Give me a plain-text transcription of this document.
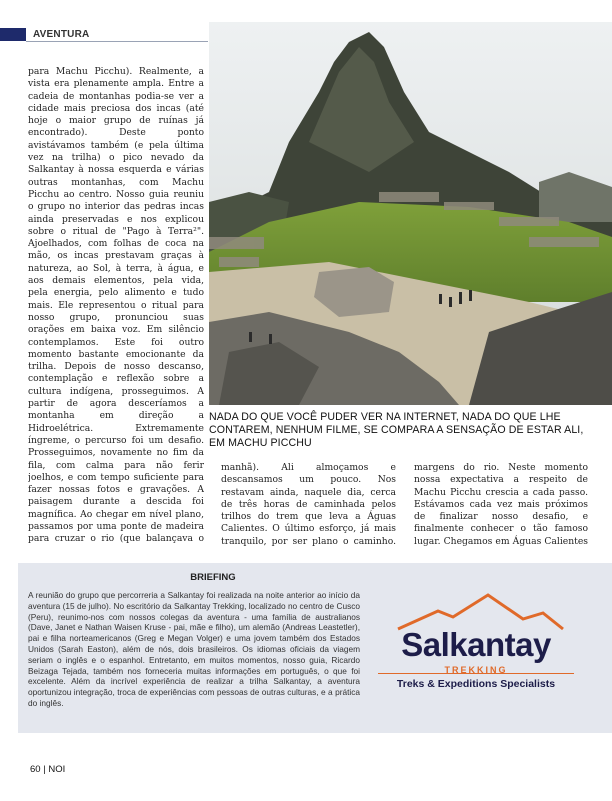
AVENTURA
para Machu Picchu). Realmente, a vista era plenamente ampla. Entre a cadeia de montanhas podia-se ver a cidade mais preciosa dos incas (até hoje o maior grupo de ruínas já encontrado). Deste ponto avistávamos também (e pela última vez na trilha) o pico nevado da Salkantay à nossa esquerda e várias outras montanhas, com Machu Picchu ao centro. Nosso guia reuniu o grupo no interior das pedras incas ainda preservadas e nos explicou sobre o ritual de "Pago à Terra²". Ajoelhados, com folhas de coca na mão, os incas prestavam graças à natureza, ao Sol, à terra, à água, e aos demais elementos, pela vida, pela energia, pelo alimento e tudo mais. Ele representou o ritual para nosso grupo, pronunciou suas orações em baixa voz. Em silêncio contemplamos. Este foi outro momento bastante emocionante da trilha. Depois de nosso descanso, contemplação e reflexão sobre a cultura indígena, prosseguimos. A partir de agora desceríamos a montanha em direção a Hidroelétrica. Extremamente íngreme, o percurso foi um desafio. Prosseguimos, novamente no fim da fila, com calma para não ferir joelhos, e com tempo suficiente para fazer nossas fotos e gravações. A paisagem durante a descida foi magnífica. Ao chegar em nível plano, passamos por uma ponte de madeira para cruzar o rio (que balançava o
NADA DO QUE VOCÊ PUDER VER NA INTERNET, NADA DO QUE LHE CONTAREM, NENHUM FILME, SE COMPARA A SENSAÇÃO DE ESTAR ALI, EM MACHU PICCHU
manhã). Ali almoçamos e descansamos um pouco. Nos restavam ainda, naquele dia, cerca de três horas de caminhada pelos trilhos do trem que leva a Águas Calientes. O último esforço, já mais tranquilo, por ser plano o caminho.
margens do rio. Neste momento nossa expectativa a respeito de Machu Picchu crescia a cada passo. Estávamos cada vez mais próximos de finalizar nosso desafio, e finalmente conhecer o tão famoso lugar. Chegamos em Águas Calientes
BRIEFING
A reunião do grupo que percorreria a Salkantay foi realizada na noite anterior ao início da aventura (15 de julho). No escritório da Salkantay Trekking, localizado no centro de Cusco (Peru), reunimo-nos com nossos colegas da aventura - uma família de australianos (Dave, Janet e Nathan Waisen Kruse - pai, mãe e filho), um alemão (Andreas Leastetler), pai e filha norteamericanos (Greg e Megan Volger) e uma jovem também dos Estados Unidos (Sarah Easton), além de nós, dois brasileiros. Os idiomas oficiais da viagem seriam o inglês e o espanhol. Entretanto, em muitos momentos, nosso guia, Ricardo Beizaga Tejada, também nos forneceria muitas informações em português, o que foi excelente. Além da incrível experiência de realizar a trilha Salkantay, a aventura oportunizou integração, troca de experiências com pessoas de outras culturas, e a prática do inglês.
Salkantay
TREKKING
Treks & Expeditions Specialists
60 | NOI
